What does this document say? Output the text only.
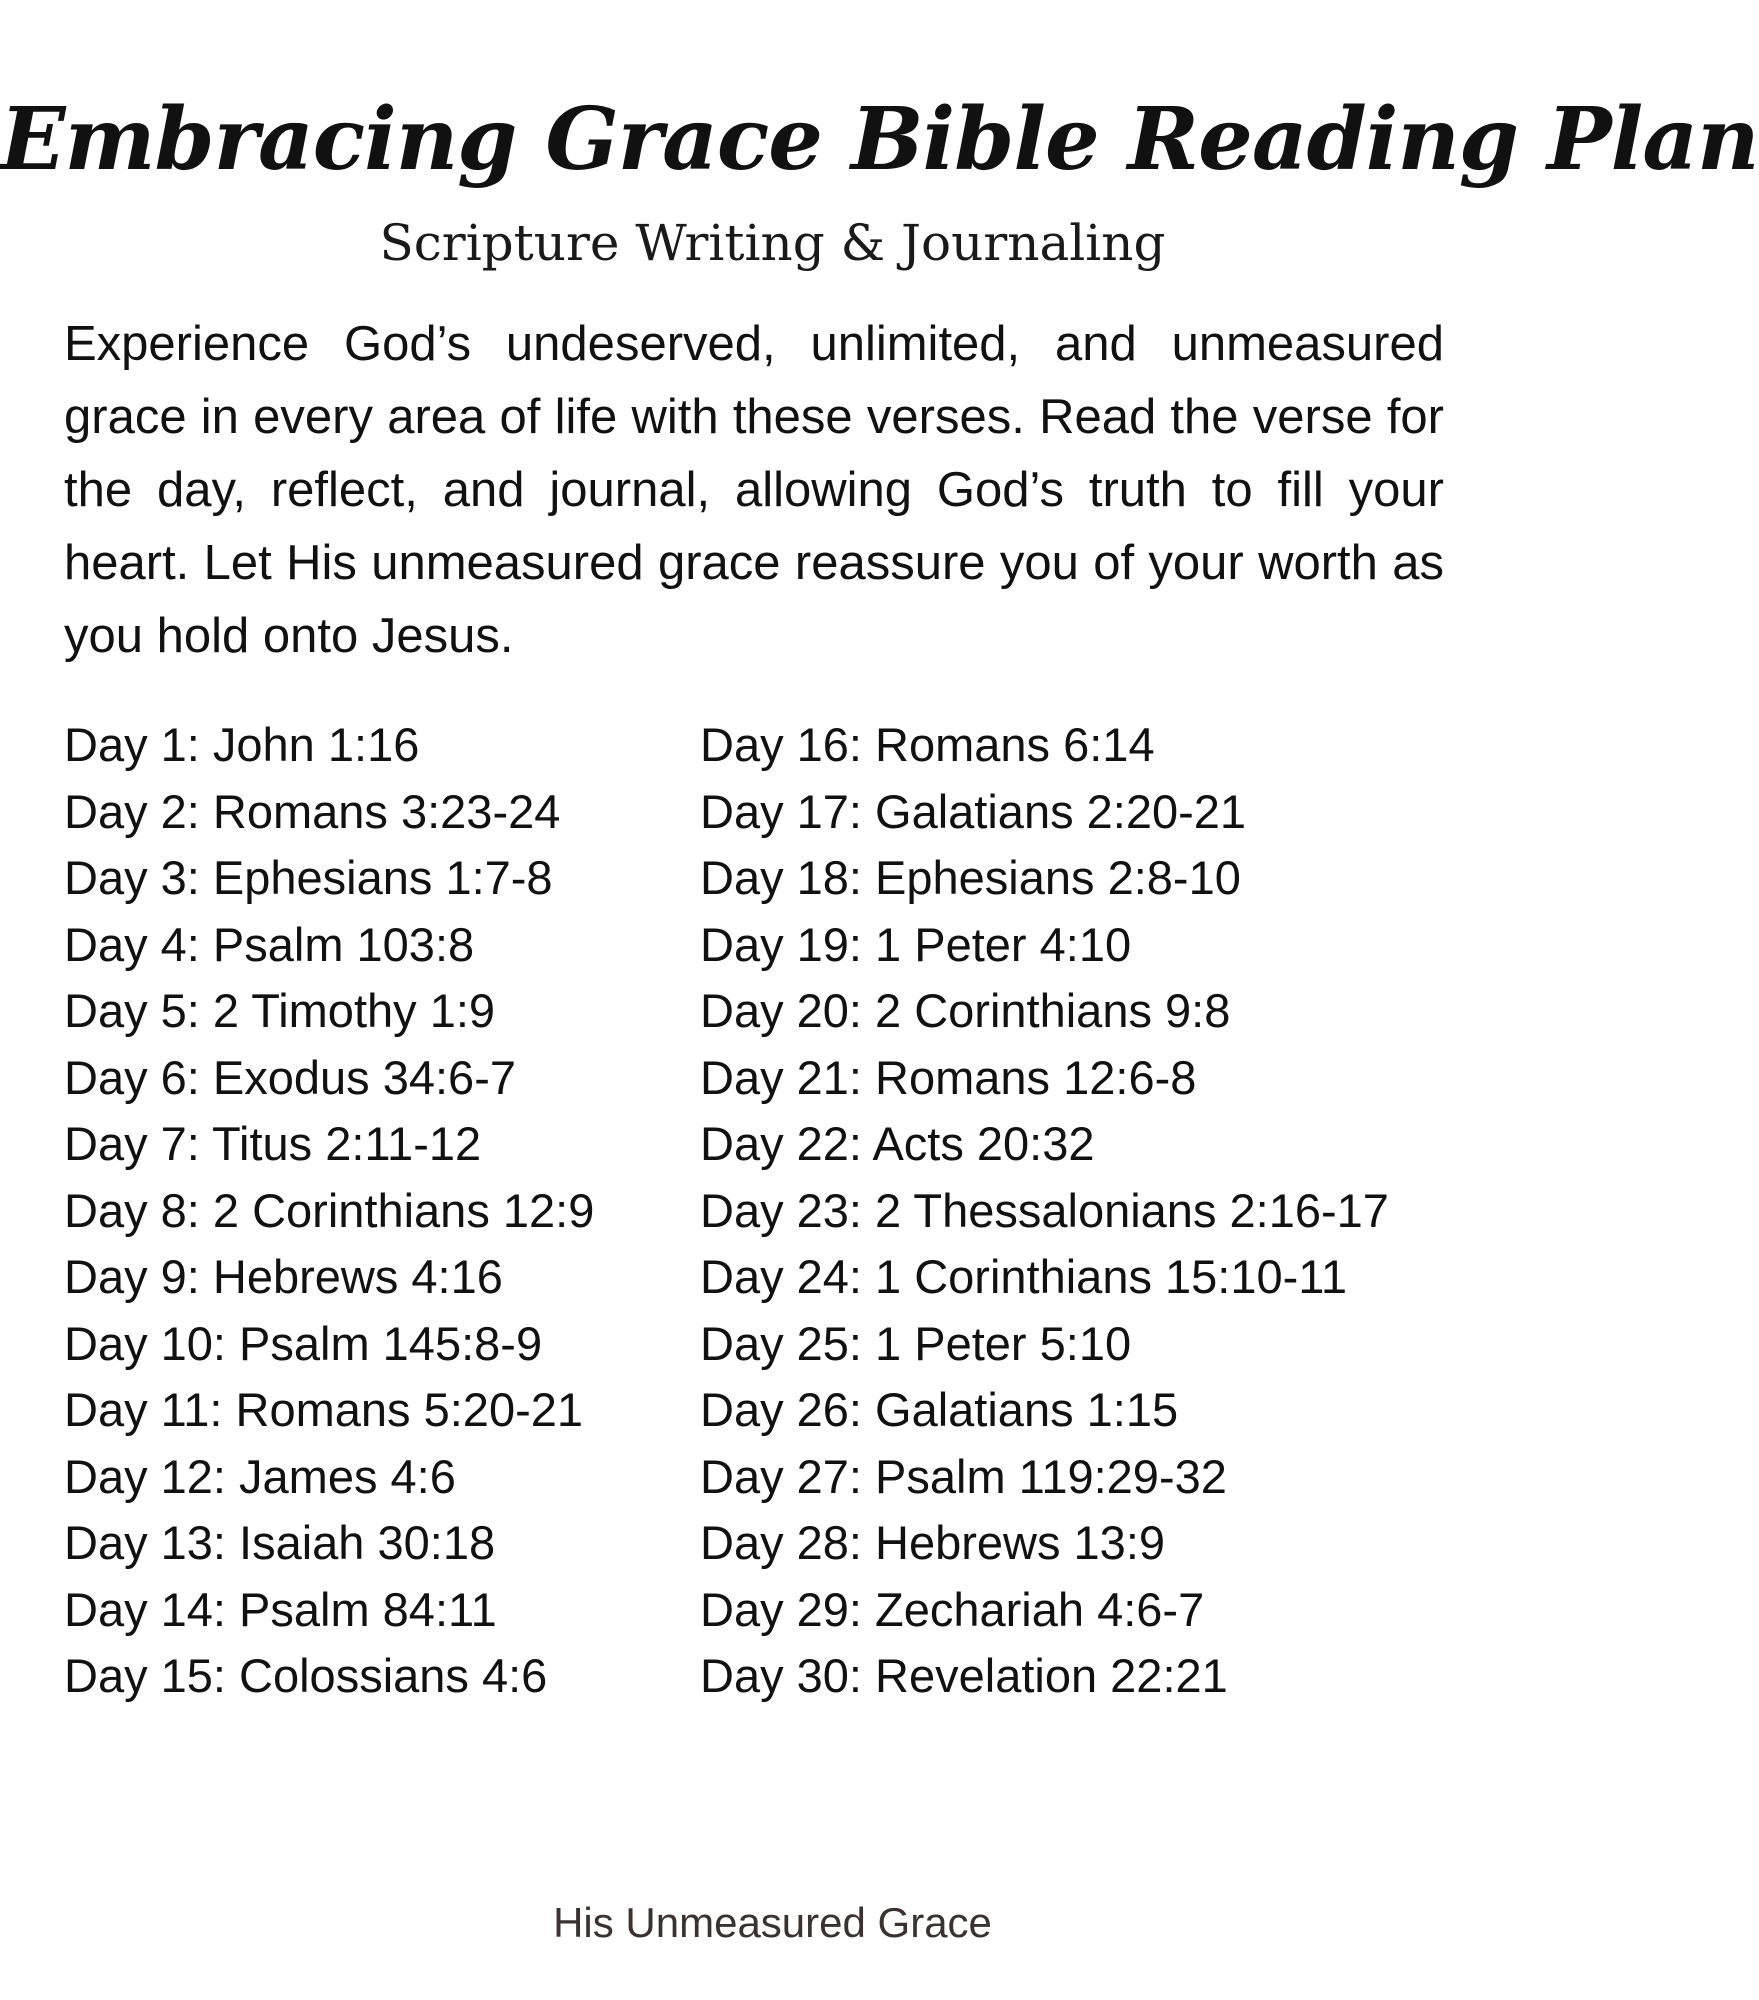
Embracing Grace Bible Reading Plan
Scripture Writing & Journaling

Experience God’s undeserved, unlimited, and unmeasured grace in every area of life with these verses. Read the verse for the day, reflect, and journal, allowing God’s truth to fill your heart. Let His unmeasured grace reassure you of your worth as you hold onto Jesus.

Day 1: John 1:16
Day 2: Romans 3:23-24
Day 3: Ephesians 1:7-8
Day 4: Psalm 103:8
Day 5: 2 Timothy 1:9
Day 6: Exodus 34:6-7
Day 7: Titus 2:11-12
Day 8: 2 Corinthians 12:9
Day 9: Hebrews 4:16
Day 10: Psalm 145:8-9
Day 11: Romans 5:20-21
Day 12: James 4:6
Day 13: Isaiah 30:18
Day 14: Psalm 84:11
Day 15: Colossians 4:6
Day 16: Romans 6:14
Day 17: Galatians 2:20-21
Day 18: Ephesians 2:8-10
Day 19: 1 Peter 4:10
Day 20: 2 Corinthians 9:8
Day 21: Romans 12:6-8
Day 22: Acts 20:32
Day 23: 2 Thessalonians 2:16-17
Day 24: 1 Corinthians 15:10-11
Day 25: 1 Peter 5:10
Day 26: Galatians 1:15
Day 27: Psalm 119:29-32
Day 28: Hebrews 13:9
Day 29: Zechariah 4:6-7
Day 30: Revelation 22:21
His Unmeasured Grace
